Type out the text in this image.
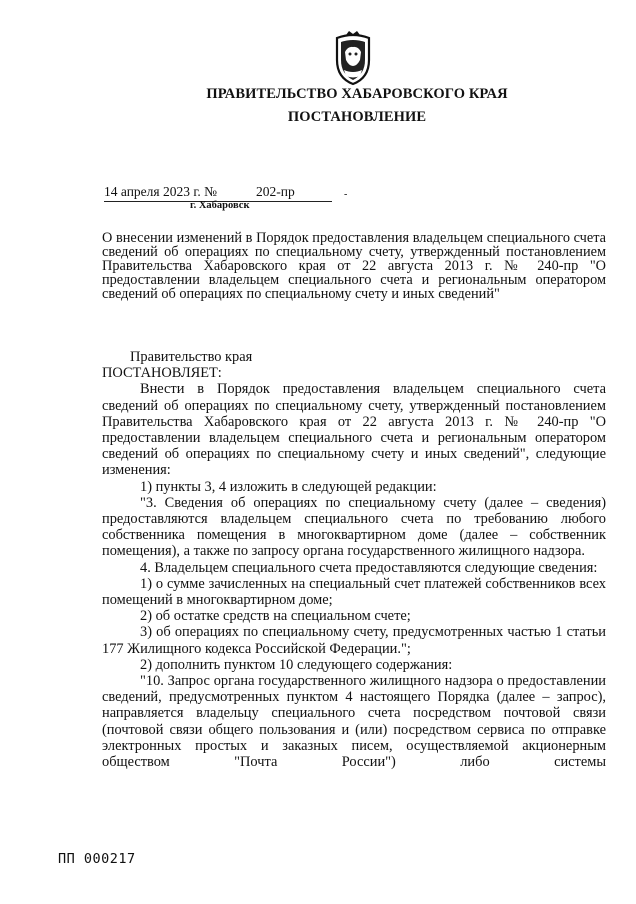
ПРАВИТЕЛЬСТВО ХАБАРОВСКОГО КРАЯ
ПОСТАНОВЛЕНИЕ
14 апреля 2023 г. №	202-пр	-
г. Хабаровск
О внесении изменений в Порядок предоставления владельцем специального счета сведений об операциях по специальному счету, утвержденный постановлением Правительства Хабаровского края от 22 августа 2013 г. № 240-пр "О предоставлении владельцем специального счета и региональным оператором сведений об операциях по специальному счету и иных сведений"

Правительство края

ПОСТАНОВЛЯЕТ:

Внести в Порядок предоставления владельцем специального счета сведений об операциях по специальному счету, утвержденный постановлением Правительства Хабаровского края от 22 августа 2013 г. № 240-пр "О предоставлении владельцем специального счета и региональным оператором сведений об операциях по специальному счету и иных сведений", следующие изменения:

1) пункты 3, 4 изложить в следующей редакции:

"3. Сведения об операциях по специальному счету (далее – сведения) предоставляются владельцем специального счета по требованию любого собственника помещения в многоквартирном доме (далее – собственник помещения), а также по запросу органа государственного жилищного надзора.

4. Владельцем специального счета предоставляются следующие сведения:

1) о сумме зачисленных на специальный счет платежей собственников всех помещений в многоквартирном доме;

2) об остатке средств на специальном счете;

3) об операциях по специальному счету, предусмотренных частью 1 статьи 177 Жилищного кодекса Российской Федерации.";

2) дополнить пунктом 10 следующего содержания:

"10. Запрос органа государственного жилищного надзора о предоставлении сведений, предусмотренных пунктом 4 настоящего Порядка (далее – запрос), направляется владельцу специального счета посредством почтовой связи (почтовой связи общего пользования и (или) посредством сервиса по отправке электронных простых и заказных писем, осуществляемой акционерным обществом "Почта России") либо системы

ПП 000217
